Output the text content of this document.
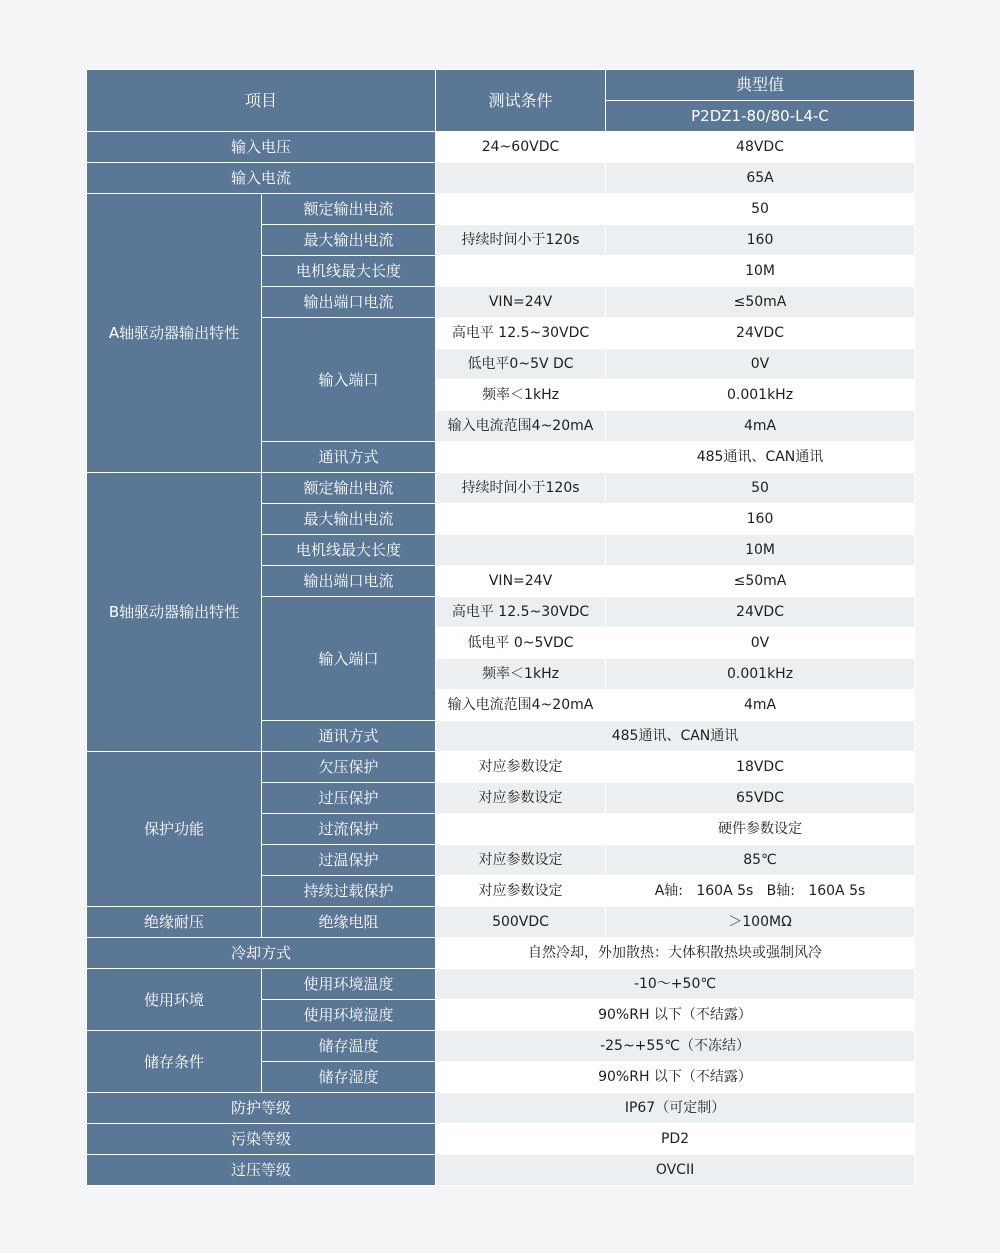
项目		测试条件	典型值
			P2DZ1-80/80-L4-C
输入电压		24~60VDC	48VDC
输入电流			65A
A轴驱动器输出特性	额定输出电流		50
	最大输出电流	持续时间小于120s	160
	电机线最大长度		10M
	输出端口电流	VIN=24V	≤50mA
	输入端口	高电平 12.5~30VDC	24VDC
		低电平0~5V DC	0V
		频率＜1kHz	0.001kHz
		输入电流范围4~20mA	4mA
	通讯方式		485通讯、CAN通讯
B轴驱动器输出特性	额定输出电流	持续时间小于120s	50
	最大输出电流		160
	电机线最大长度		10M
	输出端口电流	VIN=24V	≤50mA
	输入端口	高电平 12.5~30VDC	24VDC
		低电平 0~5VDC	0V
		频率＜1kHz	0.001kHz
		输入电流范围4~20mA	4mA
	通讯方式	485通讯、CAN通讯	
保护功能	欠压保护	对应参数设定	18VDC
	过压保护	对应参数设定	65VDC
	过流保护		硬件参数设定
	过温保护	对应参数设定	85℃
	持续过载保护	对应参数设定	A轴:   160A 5s   B轴:   160A 5s
绝缘耐压	绝缘电阻	500VDC	＞100MΩ
冷却方式		自然冷却，外加散热：大体积散热块或强制风冷	
使用环境	使用环境温度	-10～+50℃	
	使用环境湿度	90%RH 以下（不结露）	
储存条件	储存温度	-25~+55℃（不冻结）	
	储存湿度	90%RH 以下（不结露）	
防护等级		IP67（可定制）	
污染等级		PD2	
过压等级		OVCII	
